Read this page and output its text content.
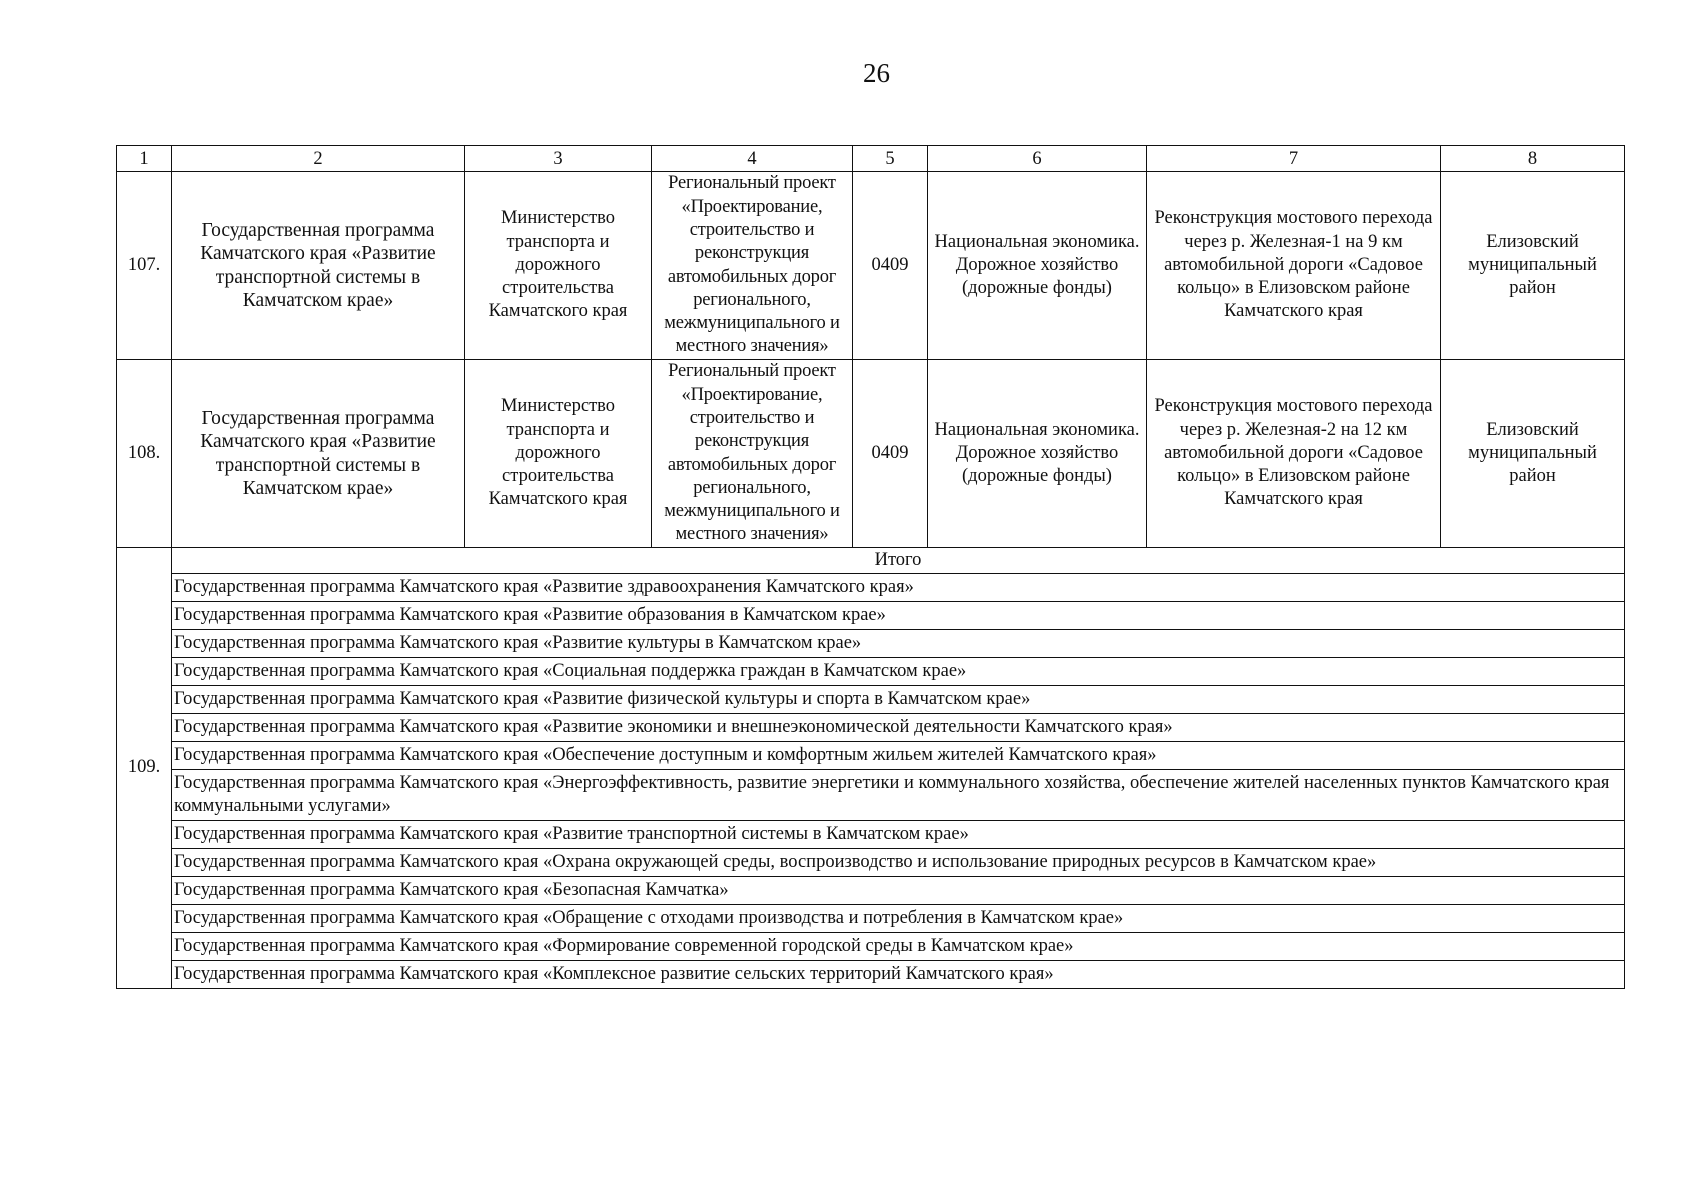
26
1	2	3	4	5	6	7	8
107.	Государственная программа Камчатского края «Развитие транспортной системы в Камчатском крае»	Министерство транспорта и дорожного строительства Камчатского края	Региональный проект «Проектирование, строительство и реконструкция автомобильных дорог регионального, межмуниципального и местного значения»	0409	Национальная экономика. Дорожное хозяйство (дорожные фонды)	Реконструкция мостового перехода через р. Железная-1 на 9 км автомобильной дороги «Садовое кольцо» в Елизовском районе Камчатского края	Елизовский муниципальный район
108.	Государственная программа Камчатского края «Развитие транспортной системы в Камчатском крае»	Министерство транспорта и дорожного строительства Камчатского края	Региональный проект «Проектирование, строительство и реконструкция автомобильных дорог регионального, межмуниципального и местного значения»	0409	Национальная экономика. Дорожное хозяйство (дорожные фонды)	Реконструкция мостового перехода через р. Железная-2 на 12 км автомобильной дороги «Садовое кольцо» в Елизовском районе Камчатского края	Елизовский муниципальный район
109.	Итого						
	Государственная программа Камчатского края «Развитие здравоохранения Камчатского края»						
	Государственная программа Камчатского края «Развитие образования в Камчатском крае»						
	Государственная программа Камчатского края «Развитие культуры в Камчатском крае»						
	Государственная программа Камчатского края «Социальная поддержка граждан в Камчатском крае»						
	Государственная программа Камчатского края «Развитие физической культуры и спорта в Камчатском крае»						
	Государственная программа Камчатского края «Развитие экономики и внешнеэкономической деятельности Камчатского края»						
	Государственная программа Камчатского края «Обеспечение доступным и комфортным жильем жителей Камчатского края»						
	Государственная программа Камчатского края «Энергоэффективность, развитие энергетики и коммунального хозяйства, обеспечение жителей населенных пунктов Камчатского края коммунальными услугами»						
	Государственная программа Камчатского края «Развитие транспортной системы в Камчатском крае»						
	Государственная программа Камчатского края «Охрана окружающей среды, воспроизводство и использование природных ресурсов в Камчатском крае»						
	Государственная программа Камчатского края «Безопасная Камчатка»						
	Государственная программа Камчатского края «Обращение с отходами производства и потребления в Камчатском крае»						
	Государственная программа Камчатского края «Формирование современной городской среды в Камчатском крае»						
	Государственная программа Камчатского края «Комплексное развитие сельских территорий Камчатского края»						
